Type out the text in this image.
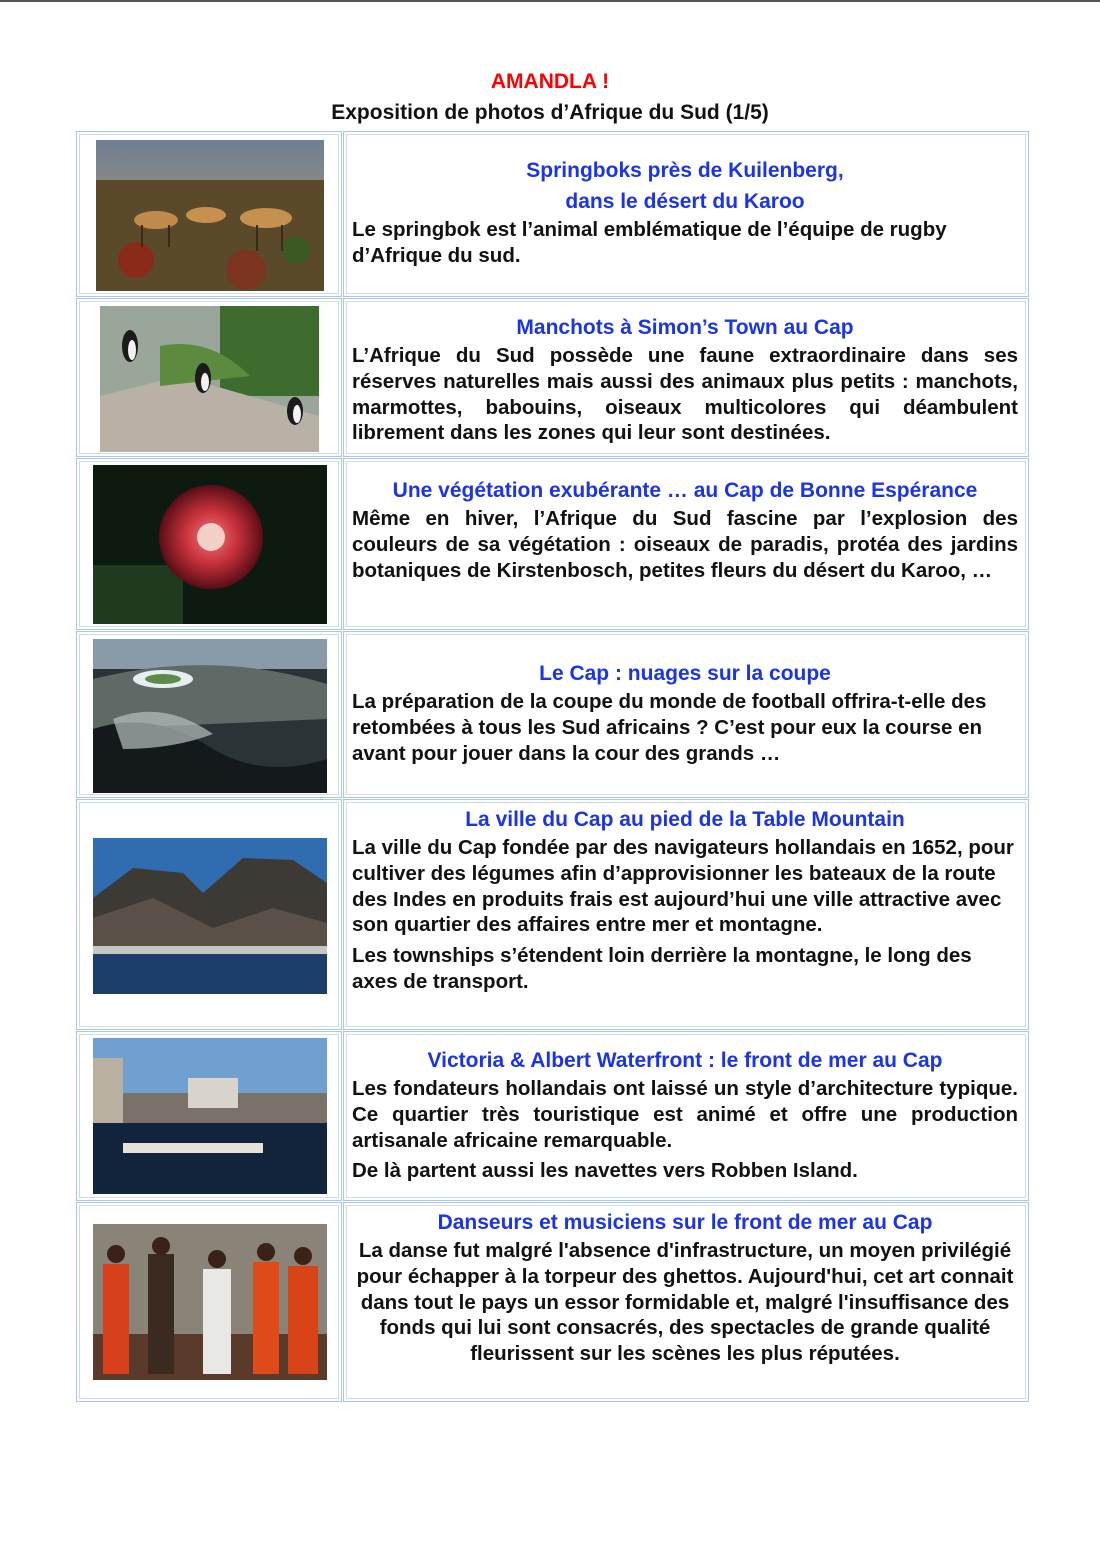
AMANDLA !
Exposition de photos d’Afrique du Sud (1/5)
Springboks près de Kuilenberg,
dans le désert du Karoo
Le springbok est l’animal emblématique de l’équipe de rugby d’Afrique du sud.
Manchots à Simon’s Town au Cap
L’Afrique du Sud possède une faune extraordinaire dans ses réserves naturelles mais aussi des animaux plus petits : manchots, marmottes, babouins, oiseaux multicolores qui déambulent librement dans les zones qui leur sont destinées.
Une végétation exubérante … au Cap de Bonne Espérance
Même en hiver, l’Afrique du Sud fascine par l’explosion des couleurs de sa végétation : oiseaux de paradis, protéa des jardins botaniques de Kirstenbosch, petites fleurs du désert du Karoo, …
Le Cap : nuages sur la coupe
La préparation de la coupe du monde de football offrira-t-elle des retombées à tous les Sud africains ? C’est pour eux la course en avant pour jouer dans la cour des grands …
La ville du Cap au pied de la Table Mountain
La ville du Cap fondée par des navigateurs hollandais en 1652, pour cultiver des légumes afin d’approvisionner les bateaux de la route des Indes en produits frais est aujourd’hui une ville attractive avec son quartier des affaires entre mer et montagne.
Les townships s’étendent loin derrière la montagne, le long des axes de transport.
Victoria & Albert Waterfront : le front de mer au Cap
Les fondateurs hollandais ont laissé un style d’architecture typique. Ce quartier très touristique est animé et offre une production artisanale africaine remarquable.
De là partent aussi les navettes vers Robben Island.
Danseurs et musiciens sur le front de mer au Cap
La danse fut malgré l'absence d'infrastructure, un moyen privilégié pour échapper à la torpeur des ghettos. Aujourd'hui, cet art connait dans tout le pays un essor formidable et, malgré l'insuffisance des fonds qui lui sont consacrés, des spectacles de grande qualité fleurissent sur les scènes les plus réputées.
